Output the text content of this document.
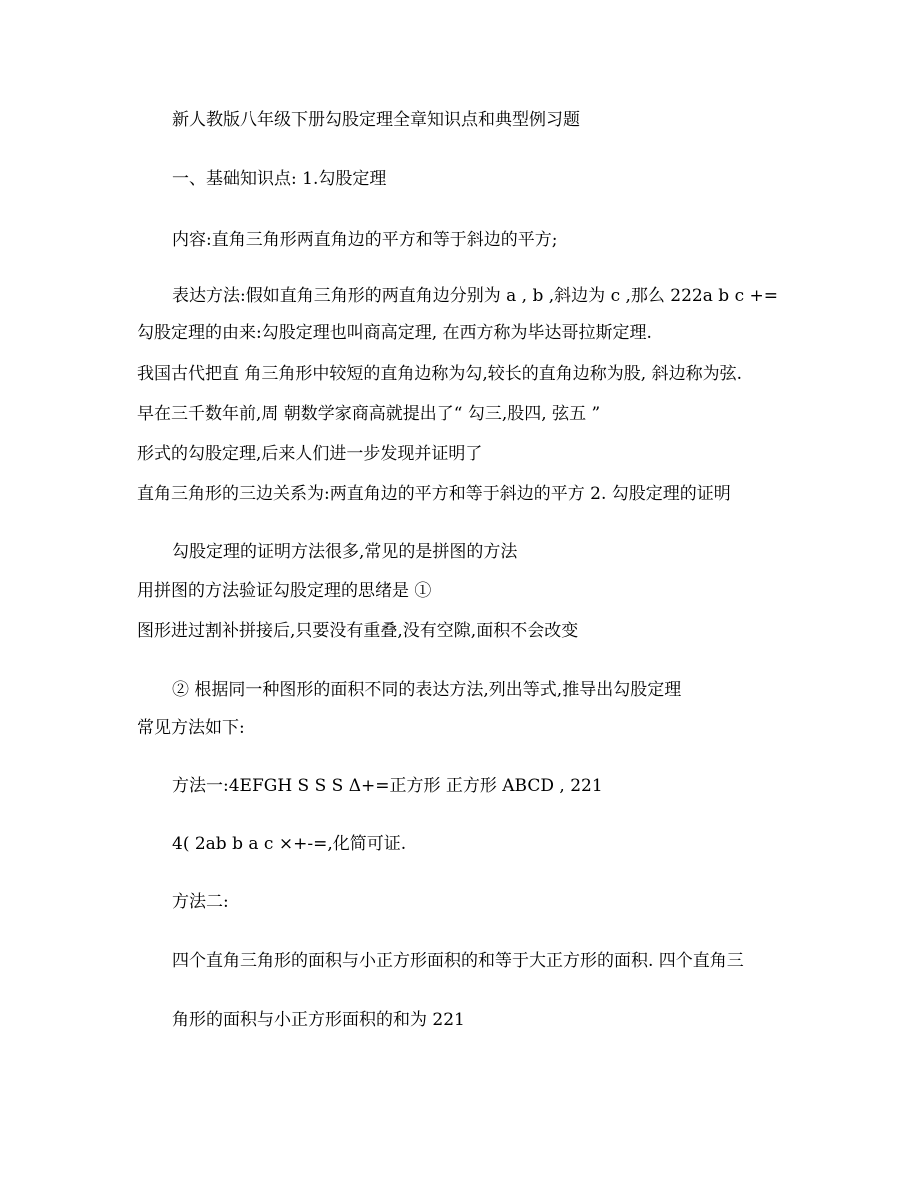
新人教版八年级下册勾股定理全章知识点和典型例习题
一、基础知识点: 1.勾股定理
内容:直角三角形两直角边的平方和等于斜边的平方;
表达方法:假如直角三角形的两直角边分别为 a , b ,斜边为 c ,那么 222a b c +=
勾股定理的由来:勾股定理也叫商高定理, 在西方称为毕达哥拉斯定理.
我国古代把直 角三角形中较短的直角边称为勾,较长的直角边称为股, 斜边称为弦.
早在三千数年前,周 朝数学家商高就提出了“ 勾三,股四, 弦五 ”
形式的勾股定理,后来人们进一步发现并证明了
直角三角形的三边关系为:两直角边的平方和等于斜边的平方 2. 勾股定理的证明
勾股定理的证明方法很多,常见的是拼图的方法
用拼图的方法验证勾股定理的思绪是 ①
图形进过割补拼接后,只要没有重叠,没有空隙,面积不会改变
② 根据同一种图形的面积不同的表达方法,列出等式,推导出勾股定理
常见方法如下:
方法一:4EFGH S S S Δ+=正方形 正方形 ABCD , 221
4( 2ab b a c ×+-=,化简可证.
方法二:
四个直角三角形的面积与小正方形面积的和等于大正方形的面积. 四个直角三
角形的面积与小正方形面积的和为 221
